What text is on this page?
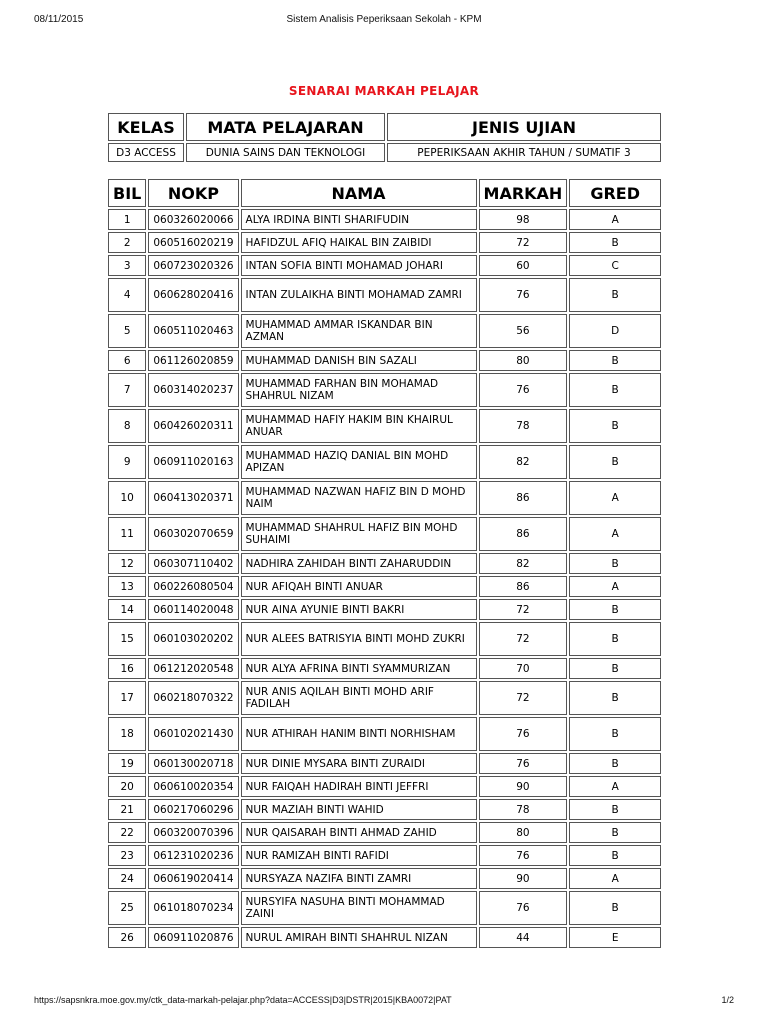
08/11/2015	Sistem Analisis Peperiksaan Sekolah - KPM
SENARAI MARKAH PELAJAR
KELAS	MATA PELAJARAN	JENIS UJIAN
D3 ACCESS	DUNIA SAINS DAN TEKNOLOGI	PEPERIKSAAN AKHIR TAHUN / SUMATIF 3
BIL	NOKP	NAMA	MARKAH	GRED
1	060326020066	ALYA IRDINA BINTI SHARIFUDIN	98	A
2	060516020219	HAFIDZUL AFIQ HAIKAL BIN ZAIBIDI	72	B
3	060723020326	INTAN SOFIA BINTI MOHAMAD JOHARI	60	C
4	060628020416	INTAN ZULAIKHA BINTI MOHAMAD ZAMRI	76	B
5	060511020463	MUHAMMAD AMMAR ISKANDAR BIN AZMAN	56	D
6	061126020859	MUHAMMAD DANISH BIN SAZALI	80	B
7	060314020237	MUHAMMAD FARHAN BIN MOHAMAD SHAHRUL NIZAM	76	B
8	060426020311	MUHAMMAD HAFIY HAKIM BIN KHAIRUL ANUAR	78	B
9	060911020163	MUHAMMAD HAZIQ DANIAL BIN MOHD APIZAN	82	B
10	060413020371	MUHAMMAD NAZWAN HAFIZ BIN D MOHD NAIM	86	A
11	060302070659	MUHAMMAD SHAHRUL HAFIZ BIN MOHD SUHAIMI	86	A
12	060307110402	NADHIRA ZAHIDAH BINTI ZAHARUDDIN	82	B
13	060226080504	NUR AFIQAH BINTI ANUAR	86	A
14	060114020048	NUR AINA AYUNIE BINTI BAKRI	72	B
15	060103020202	NUR ALEES BATRISYIA BINTI MOHD ZUKRI	72	B
16	061212020548	NUR ALYA AFRINA BINTI SYAMMURIZAN	70	B
17	060218070322	NUR ANIS AQILAH BINTI MOHD ARIF FADILAH	72	B
18	060102021430	NUR ATHIRAH HANIM BINTI NORHISHAM	76	B
19	060130020718	NUR DINIE MYSARA BINTI ZURAIDI	76	B
20	060610020354	NUR FAIQAH HADIRAH BINTI JEFFRI	90	A
21	060217060296	NUR MAZIAH BINTI WAHID	78	B
22	060320070396	NUR QAISARAH BINTI AHMAD ZAHID	80	B
23	061231020236	NUR RAMIZAH BINTI RAFIDI	76	B
24	060619020414	NURSYAZA NAZIFA BINTI ZAMRI	90	A
25	061018070234	NURSYIFA NASUHA BINTI MOHAMMAD ZAINI	76	B
26	060911020876	NURUL AMIRAH BINTI SHAHRUL NIZAN	44	E
https://sapsnkra.moe.gov.my/ctk_data-markah-pelajar.php?data=ACCESS|D3|DSTR|2015|KBA0072|PAT	1/2
